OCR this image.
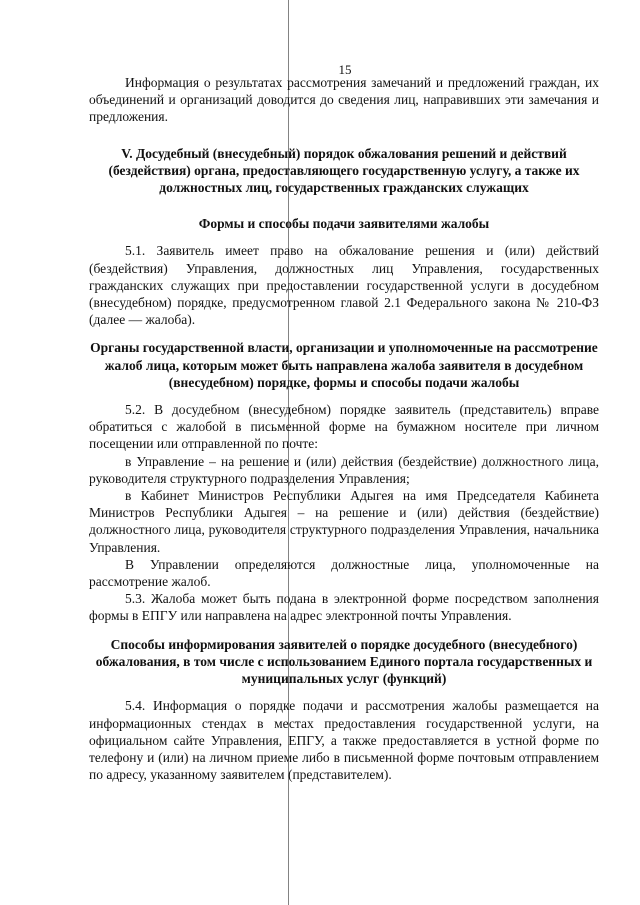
15

Информация о результатах рассмотрения замечаний и предложений граждан, их объединений и организаций доводится до сведения лиц, направивших эти замечания и предложения.

V. Досудебный (внесудебный) порядок обжалования решений и действий (бездействия) органа, предоставляющего государственную услугу, а также их должностных лиц, государственных гражданских служащих

Формы и способы подачи заявителями жалобы

5.1. Заявитель имеет право на обжалование решения и (или) действий (бездействия) Управления, должностных лиц Управления, государственных гражданских служащих при предоставлении государственной услуги в досудебном (внесудебном) порядке, предусмотренном главой 2.1 Федерального закона № 210-ФЗ (далее — жалоба).

Органы государственной власти, организации и уполномоченные на рассмотрение жалоб лица, которым может быть направлена жалоба заявителя в досудебном (внесудебном) порядке, формы и способы подачи жалобы

5.2. В досудебном (внесудебном) порядке заявитель (представитель) вправе обратиться с жалобой в письменной форме на бумажном носителе при личном посещении или отправленной по почте:

в Управление – на решение и (или) действия (бездействие) должностного лица, руководителя структурного подразделения Управления;

в Кабинет Министров Республики Адыгея на имя Председателя Кабинета Министров Республики Адыгея – на решение и (или) действия (бездействие) должностного лица, руководителя структурного подразделения Управления, начальника Управления.

В Управлении определяются должностные лица, уполномоченные на рассмотрение жалоб.

5.3. Жалоба может быть подана в электронной форме посредством заполнения формы в ЕПГУ или направлена на адрес электронной почты Управления.

Способы информирования заявителей о порядке досудебного (внесудебного) обжалования, в том числе с использованием Единого портала государственных и муниципальных услуг (функций)

5.4. Информация о порядке подачи и рассмотрения жалобы размещается на информационных стендах в местах предоставления государственной услуги, на официальном сайте Управления, ЕПГУ, а также предоставляется в устной форме по телефону и (или) на личном приеме либо в письменной форме почтовым отправлением по адресу, указанному заявителем (представителем).
